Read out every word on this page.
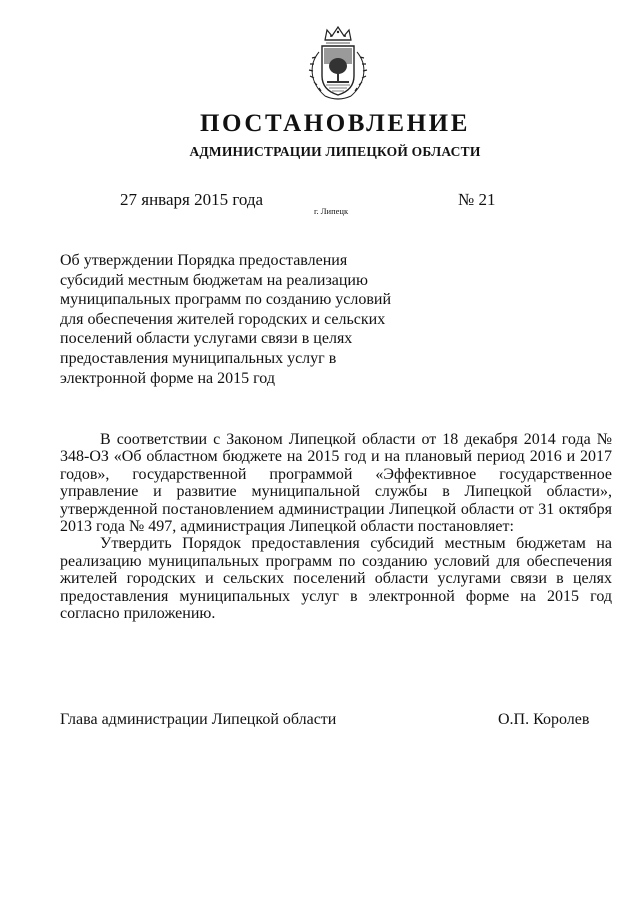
ПОСТАНОВЛЕНИЕ
АДМИНИСТРАЦИИ ЛИПЕЦКОЙ ОБЛАСТИ
27 января 2015 года
г. Липецк
№ 21
Об утверждении Порядка предоставления
субсидий местным бюджетам на реализацию
муниципальных программ по созданию условий
для обеспечения жителей городских и сельских
поселений области услугами связи в целях
предоставления муниципальных услуг в
электронной форме на 2015 год

В соответствии с Законом Липецкой области от 18 декабря 2014 года № 348-ОЗ «Об областном бюджете на 2015 год и на плановый период 2016 и 2017 годов», государственной программой «Эффективное государственное управление и развитие муниципальной службы в Липецкой области», утвержденной постановлением администрации Липецкой области от 31 октября 2013 года № 497, администрация Липецкой области постановляет:

Утвердить Порядок предоставления субсидий местным бюджетам на реализацию муниципальных программ по созданию условий для обеспечения жителей городских и сельских поселений области услугами связи в целях предоставления муниципальных услуг в электронной форме на 2015 год согласно приложению.

Глава администрации Липецкой области	О.П. Королев
